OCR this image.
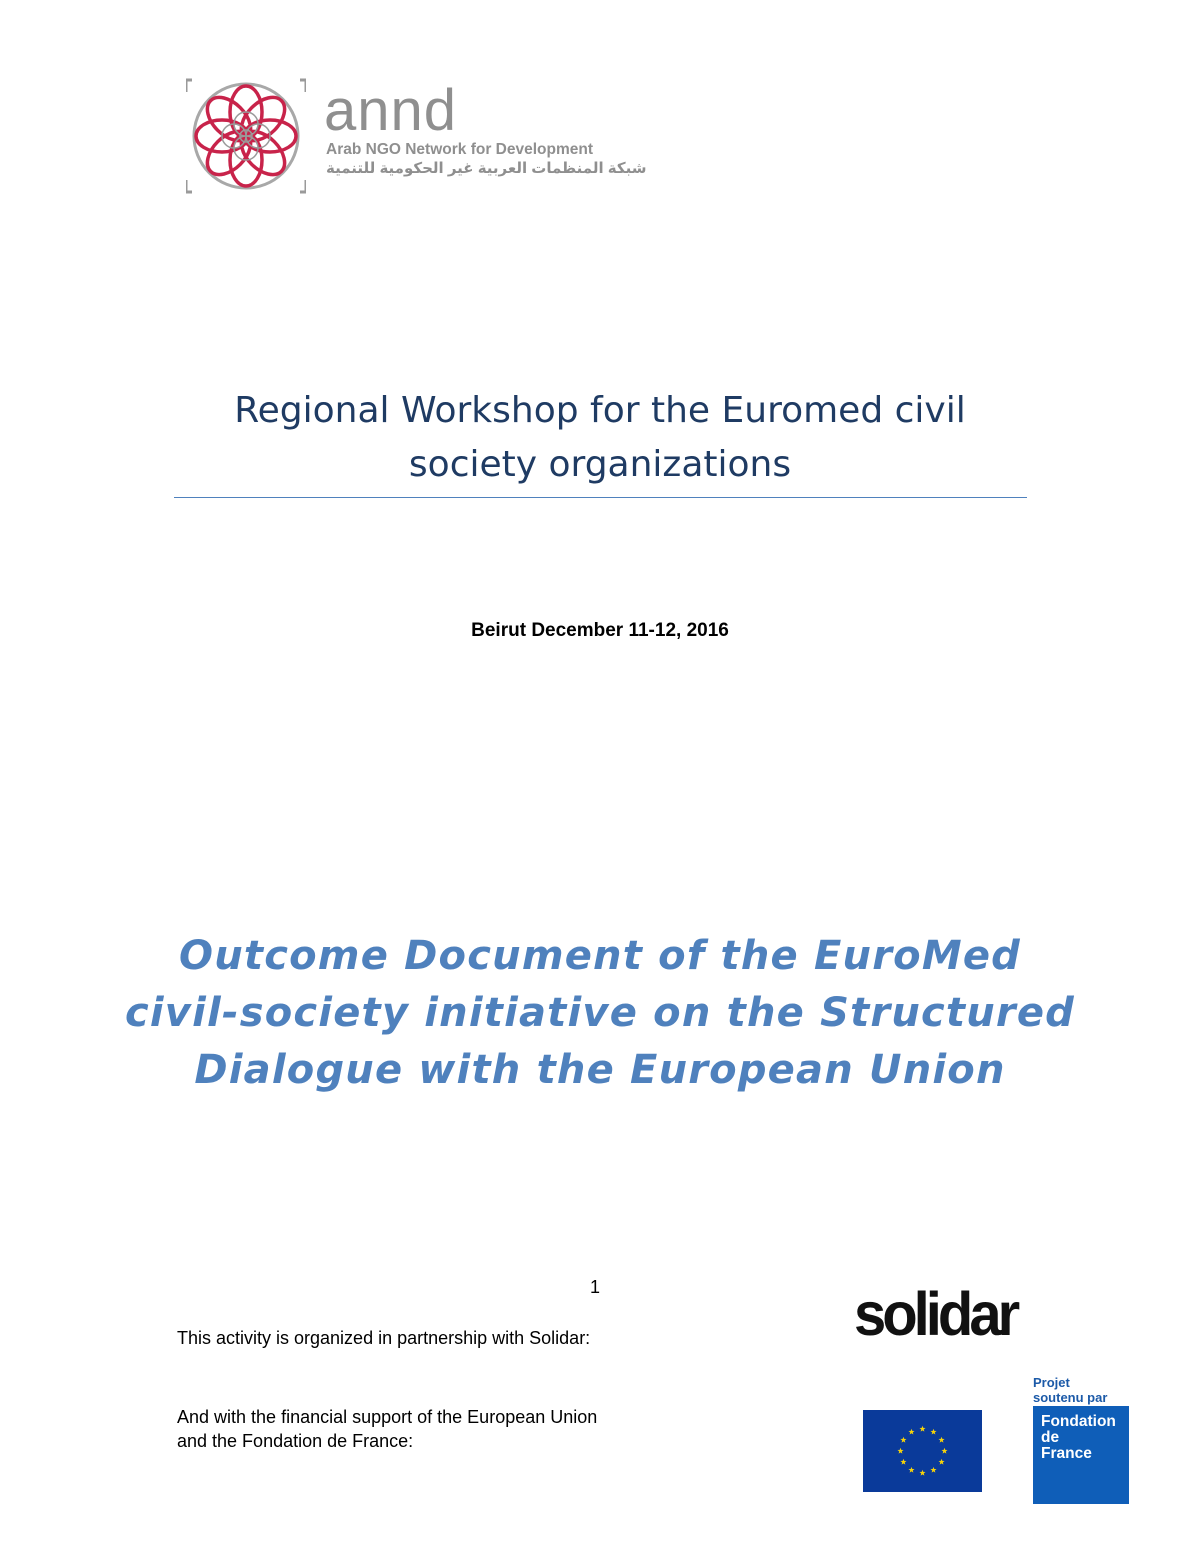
annd
Arab NGO Network for Development
شبكة المنظمات العربية غير الحكومية للتنمية
Regional Workshop for the Euromed civil
society organizations
Beirut December 11-12, 2016
Outcome Document of the EuroMed
civil-society initiative on the Structured
Dialogue with the European Union
1
This activity is organized in partnership with Solidar:	solidar
And with the financial support of the European Union
and the Fondation de France:
Projet
soutenu par
Fondation
de
France
